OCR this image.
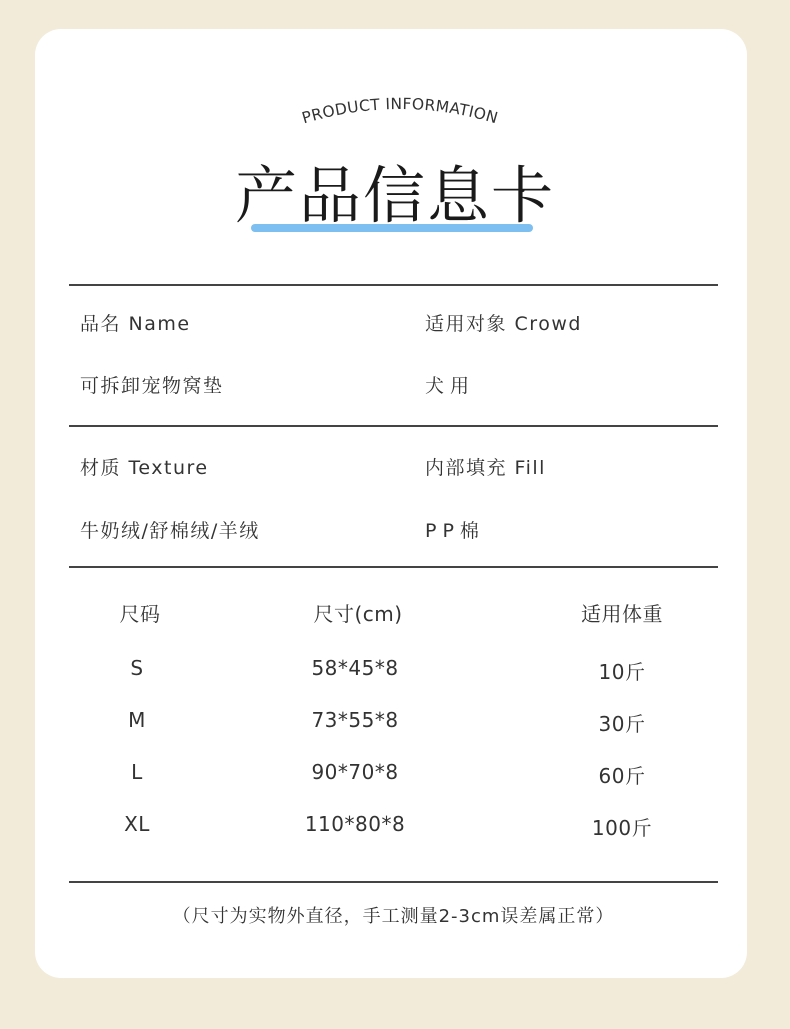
PRODUCT INFORMATION
产品信息卡
品名 Name	适用对象 Crowd
可拆卸宠物窝垫	犬用
材质 Texture	内部填充 Fill
牛奶绒/舒棉绒/羊绒	PP棉
尺码	尺寸(cm)	适用体重
S	58*45*8	10斤
M	73*55*8	30斤
L	90*70*8	60斤
XL	110*80*8	100斤
（尺寸为实物外直径，手工测量2-3cm误差属正常）
